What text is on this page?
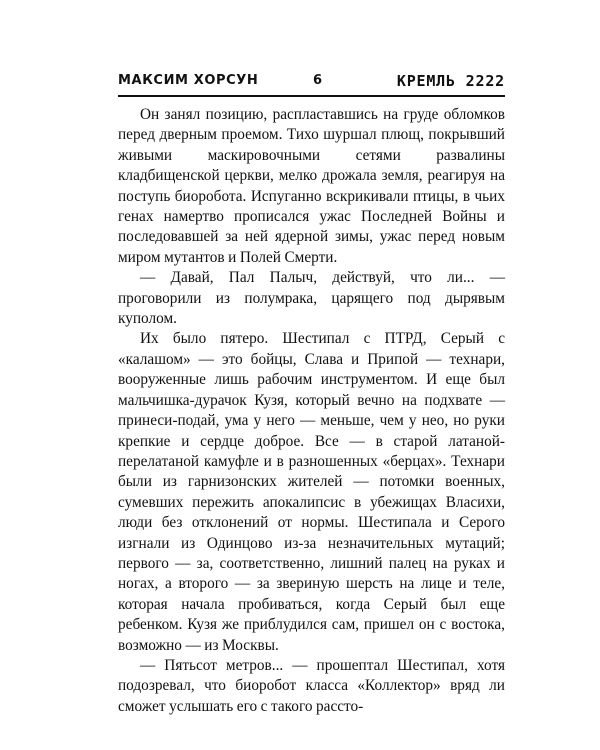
МАКСИМ ХОРСУН	6	КРЕМЛЬ 2222

Он занял позицию, распластавшись на груде обломков перед дверным проемом. Тихо шуршал плющ, покрывший живыми маскировочными сетями развалины кладбищенской церкви, мелко дрожала земля, реагируя на поступь биоробота. Испуганно вскрикивали птицы, в чьих генах намертво прописался ужас Последней Войны и последовавшей за ней ядерной зимы, ужас перед новым миром мутантов и Полей Смерти.

— Давай, Пал Палыч, действуй, что ли... — проговорили из полумрака, царящего под дырявым куполом.

Их было пятеро. Шестипал с ПТРД, Серый с «калашом» — это бойцы, Слава и Припой — технари, вооруженные лишь рабочим инструментом. И еще был мальчишка-дурачок Кузя, который вечно на подхвате — принеси-подай, ума у него — меньше, чем у нео, но руки крепкие и сердце доброе. Все — в старой латаной-перелатаной камуфле и в разношенных «берцах». Технари были из гарнизонских жителей — потомки военных, сумевших пережить апокалипсис в убежищах Власихи, люди без отклонений от нормы. Шестипала и Серого изгнали из Одинцово из-за незначительных мутаций; первого — за, соответственно, лишний палец на руках и ногах, а второго — за звериную шерсть на лице и теле, которая начала пробиваться, когда Серый был еще ребенком. Кузя же приблудился сам, пришел он с востока, возможно — из Москвы.

— Пятьсот метров... — прошептал Шестипал, хотя подозревал, что биоробот класса «Коллектор» вряд ли сможет услышать его с такого рассто-
